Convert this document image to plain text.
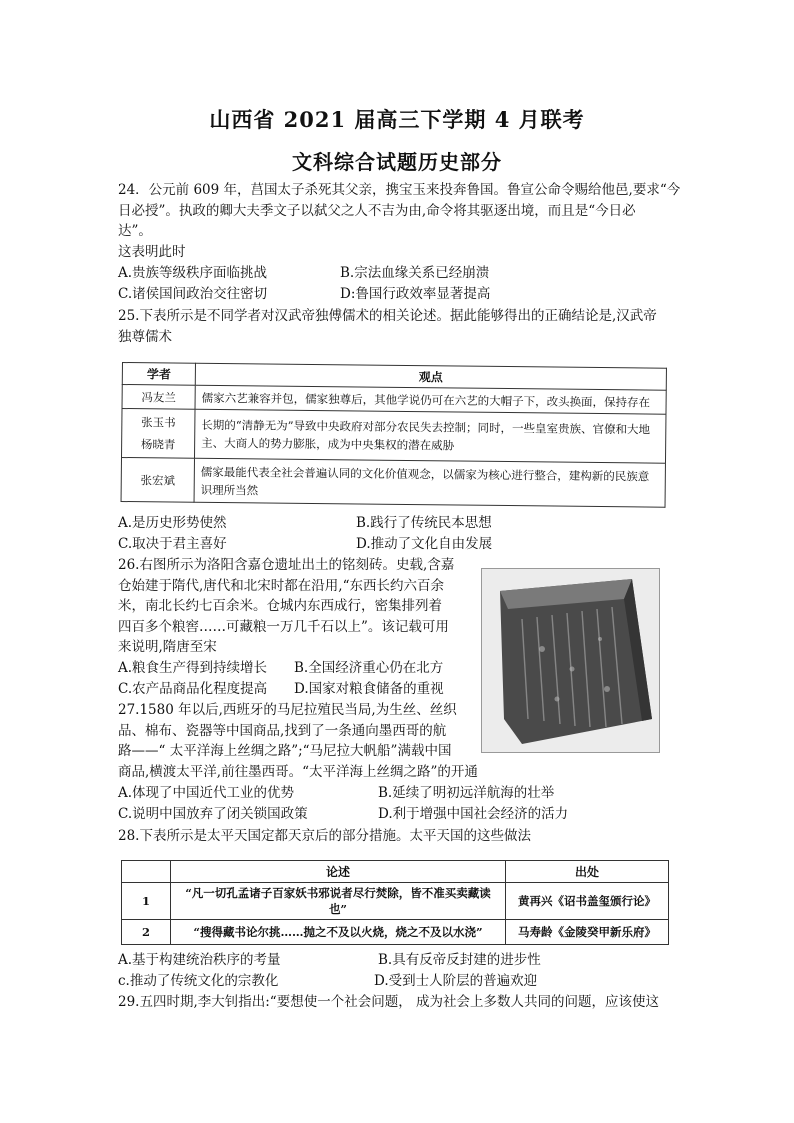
山西省 2021 届高三下学期 4 月联考
文科综合试题历史部分
24．公元前 609 年，莒国太子杀死其父亲，携宝玉来投奔鲁国。鲁宣公命令赐给他邑,要求“今
日必授”。执政的卿大夫季文子以弑父之人不吉为由,命令将其驱逐出境，而且是“今日必
达”。
这表明此时
A.贵族等级秩序面临挑战	B.宗法血缘关系已经崩溃
C.诸侯国间政治交往密切	D:鲁国行政效率显著提高
25.下表所示是不同学者对汉武帝独傅儒术的相关论述。据此能够得出的正确结论是,汉武帝
独尊儒术
学者	观点
冯友兰	儒家六艺兼容并包，儒家独尊后，其他学说仍可在六艺的大帽子下，改头换面，保持存在
张玉书
杨晓青	长期的“清静无为”导致中央政府对部分农民失去控制；同时，一些皇室贵族、官僚和大地主、大商人的势力膨胀，成为中央集权的潜在威胁
张宏斌	儒家最能代表全社会普遍认同的文化价值观念，以儒家为核心进行整合，建构新的民族意识理所当然
A.是历史形势使然	B.践行了传统民本思想
C.取决于君主喜好	D.推动了文化自由发展
26.右图所示为洛阳含嘉仓遗址出土的铭刻砖。史载,含嘉
仓始建于隋代,唐代和北宋时都在沿用,“东西长约六百余
米，南北长约七百余米。仓城内东西成行，密集排列着
四百多个粮窖……可藏粮一万几千石以上”。该记载可用
来说明,隋唐至宋
A.粮食生产得到持续增长 B.全国经济重心仍在北方
C.农产品商品化程度提高 D.国家对粮食储备的重视
27.1580 年以后,西班牙的马尼拉殖民当局,为生丝、丝织
品、棉布、瓷器等中国商品,找到了一条通向墨西哥的航
路——“ 太平洋海上丝绸之路”;“马尼拉大帆船”满载中国
商品,横渡太平洋,前往墨西哥。“太平洋海上丝绸之路”的开通
A.体现了中国近代工业的优势	B.延续了明初远洋航海的壮举
C.说明中国放弃了闭关锁国政策	D.利于增强中国社会经济的活力
28.下表所示是太平天国定都天京后的部分措施。太平天国的这些做法
	论述	出处
1	“凡一切孔孟诸子百家妖书邪说者尽行焚除，皆不准买卖藏读也”	黄再兴《诏书盖玺颁行论》
2	“搜得藏书论尔挑……抛之不及以火烧，烧之不及以水浇”	马寿龄《金陵癸甲新乐府》
A.基于构建统治秩序的考量	B.具有反帝反封建的进步性
c.推动了传统文化的宗教化	D.受到士人阶层的普遍欢迎
29.五四时期,李大钊指出:“要想使一个社会问题， 成为社会上多数人共同的问题，应该使这
